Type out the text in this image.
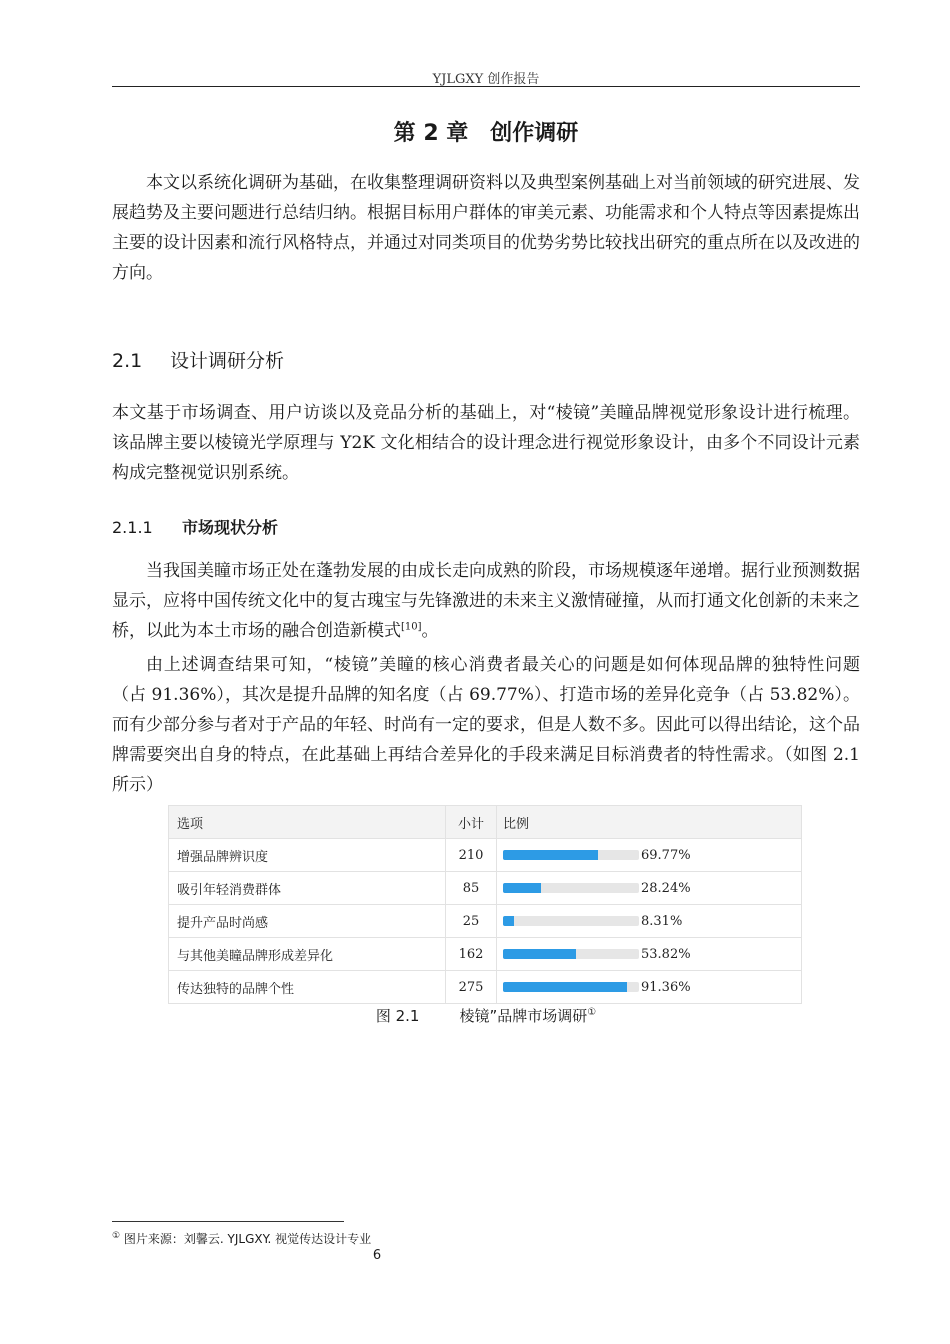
YJLGXY 创作报告
第 2 章　创作调研

本文以系统化调研为基础，在收集整理调研资料以及典型案例基础上对当前领域的研究进展、发展趋势及主要问题进行总结归纳。根据目标用户群体的审美元素、功能需求和个人特点等因素提炼出主要的设计因素和流行风格特点，并通过对同类项目的优势劣势比较找出研究的重点所在以及改进的方向。

2.1 设计调研分析

本文基于市场调查、用户访谈以及竞品分析的基础上，对“棱镜”美瞳品牌视觉形象设计进行梳理。该品牌主要以棱镜光学原理与 Y2K 文化相结合的设计理念进行视觉形象设计，由多个不同设计元素构成完整视觉识别系统。

2.1.1 市场现状分析

当我国美瞳市场正处在蓬勃发展的由成长走向成熟的阶段，市场规模逐年递增。据行业预测数据显示，应将中国传统文化中的复古瑰宝与先锋激进的未来主义激情碰撞，从而打通文化创新的未来之桥，以此为本土市场的融合创造新模式[10]。

由上述调查结果可知，“棱镜”美瞳的核心消费者最关心的问题是如何体现品牌的独特性问题（占 91.36%），其次是提升品牌的知名度（占 69.77%）、打造市场的差异化竞争（占 53.82%）。而有少部分参与者对于产品的年轻、时尚有一定的要求，但是人数不多。因此可以得出结论，这个品牌需要突出自身的特点，在此基础上再结合差异化的手段来满足目标消费者的特性需求。（如图 2.1 所示）

选项	小计	比例
增强品牌辨识度	210	69.77%

吸引年轻消费群体	85	28.24%

提升产品时尚感	25	8.31%

与其他美瞳品牌形成差异化	162	53.82%

传达独特的品牌个性	275	91.36%
图 2.1	棱镜”品牌市场调研①
① 图片来源：刘馨云. YJLGXY. 视觉传达设计专业
6
